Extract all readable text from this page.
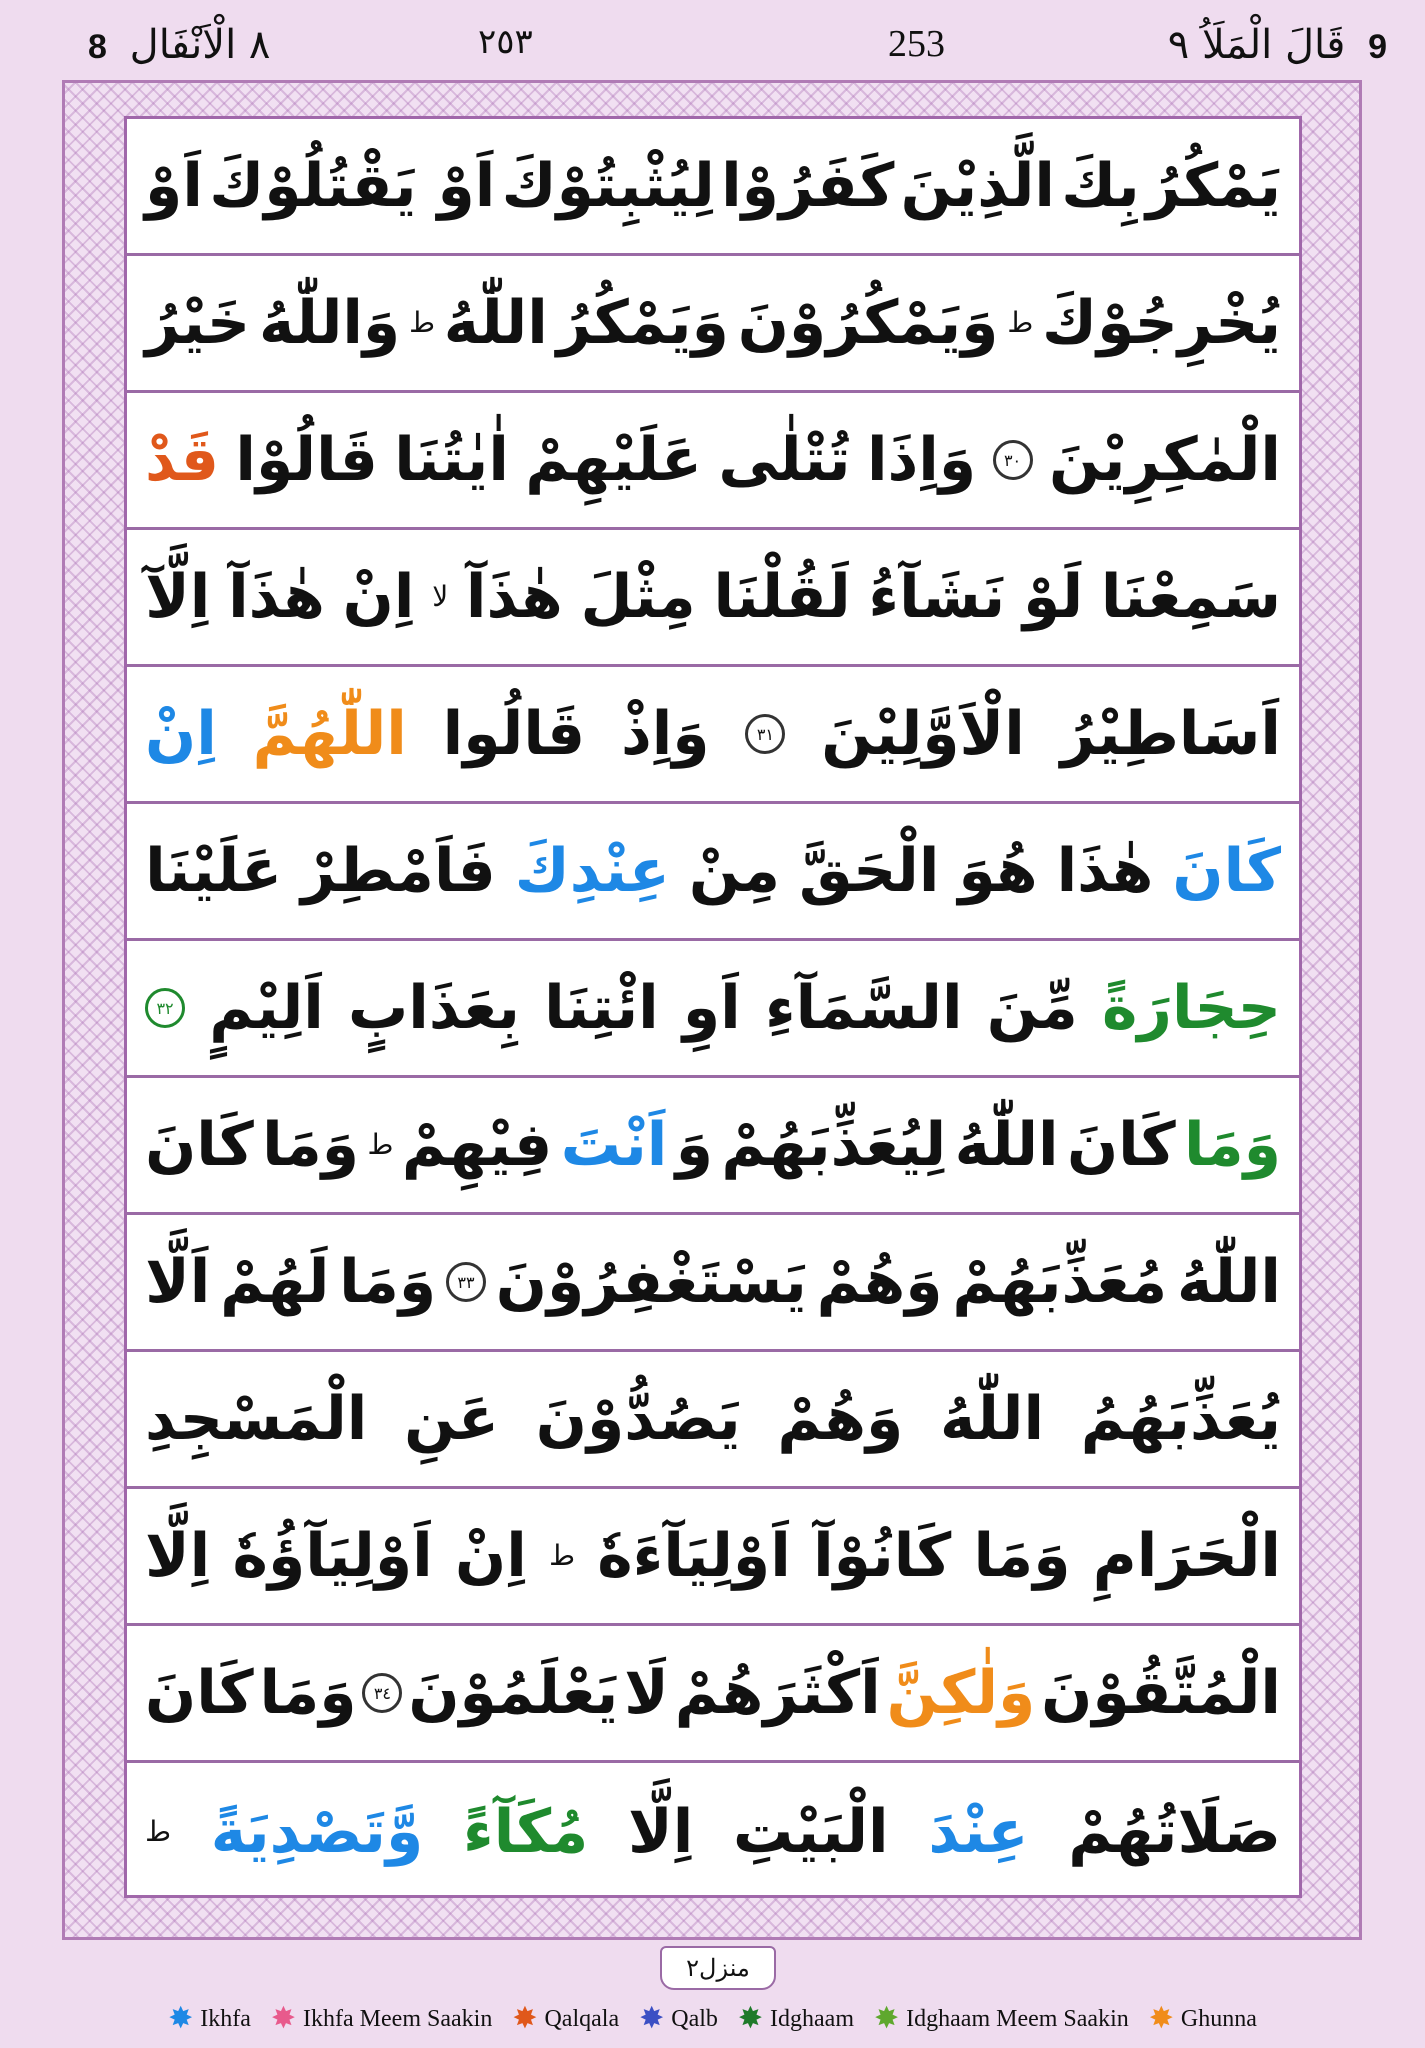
٨ الْاَنْفَال 8	٢٥٣	253	9 قَالَ الْمَلَاُ ٩
يَمْكُرُ
بِكَ
الَّذِيْنَ
كَفَرُوْا
لِيُثْبِتُوْكَ
اَوْ يَقْتُلُوْكَ
اَوْ
يُخْرِجُوْكَ
ط
وَيَمْكُرُوْنَ
وَيَمْكُرُ
اللّٰهُ
ط
وَاللّٰهُ
خَيْرُ
الْمٰكِرِيْنَ
٣٠
وَاِذَا
تُتْلٰى
عَلَيْهِمْ
اٰيٰتُنَا
قَالُوْا
قَدْ
سَمِعْنَا
لَوْ
نَشَآءُ
لَقُلْنَا
مِثْلَ
هٰذَآ
لا
اِنْ
هٰذَآ
اِلَّآ
اَسَاطِيْرُ
الْاَوَّلِيْنَ
٣١
وَاِذْ
قَالُوا
اللّٰهُمَّ
اِنْ
كَانَ
هٰذَا
هُوَ
الْحَقَّ
مِنْ
عِنْدِكَ
فَاَمْطِرْ
عَلَيْنَا
حِجَارَةً
مِّنَ
السَّمَآءِ
اَوِ
ائْتِنَا
بِعَذَابٍ
اَلِيْمٍ
٣٢
وَمَا
كَانَ
اللّٰهُ
لِيُعَذِّبَهُمْ
وَ
اَنْتَ
فِيْهِمْ
ط
وَمَا
كَانَ
اللّٰهُ
مُعَذِّبَهُمْ
وَهُمْ
يَسْتَغْفِرُوْنَ
٣٣
وَمَا
لَهُمْ
اَلَّا
يُعَذِّبَهُمُ
اللّٰهُ
وَهُمْ
يَصُدُّوْنَ
عَنِ
الْمَسْجِدِ
الْحَرَامِ
وَمَا
كَانُوْآ
اَوْلِيَآءَهٗ
ط
اِنْ
اَوْلِيَآؤُهٗ
اِلَّا
الْمُتَّقُوْنَ
وَلٰكِنَّ
اَكْثَرَهُمْ
لَا
يَعْلَمُوْنَ
٣٤
وَمَا
كَانَ
صَلَاتُهُمْ
عِنْدَ
الْبَيْتِ
اِلَّا
مُكَآءً
وَّتَصْدِيَةً
ط
منزل٢
✸ Ikhfa ✸ Ikhfa Meem Saakin ✸ Qalqala ✸ Qalb ✸ Idghaam ✸ Idghaam Meem Saakin ✸ Ghunna
